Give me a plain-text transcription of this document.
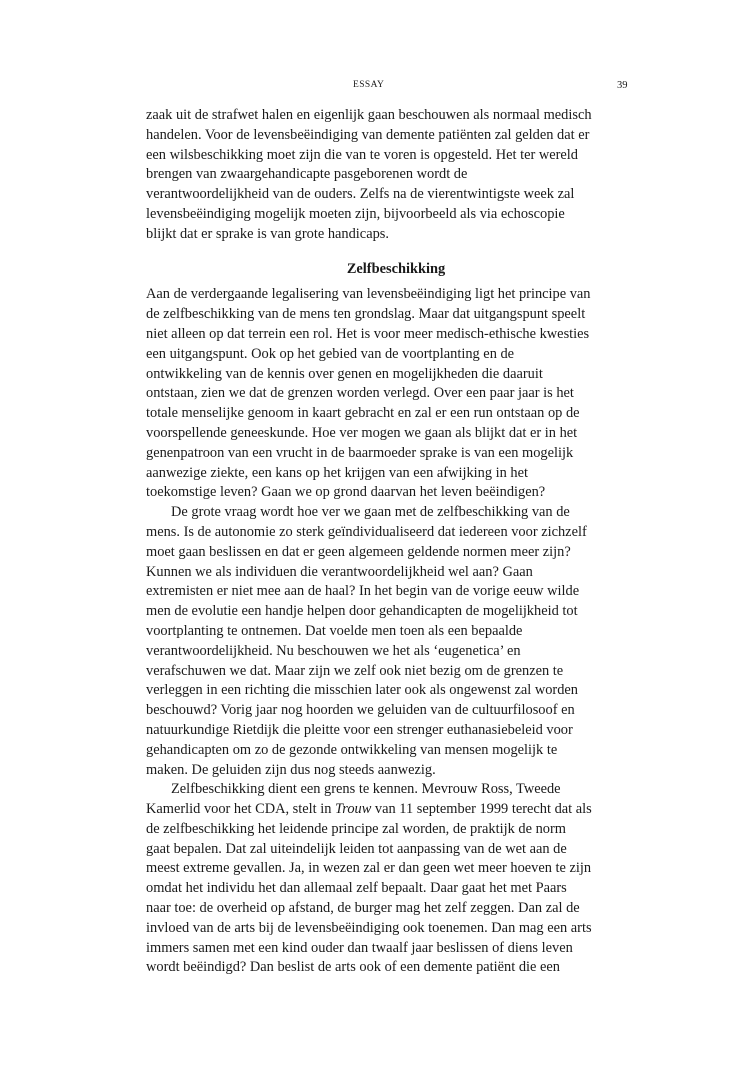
ESSAY	39

zaak uit de strafwet halen en eigenlijk gaan beschouwen als normaal medisch

handelen. Voor de levensbeëindiging van demente patiënten zal gelden dat er

een wilsbeschikking moet zijn die van te voren is opgesteld. Het ter wereld

brengen van zwaargehandicapte pasgeborenen wordt de

verantwoordelijkheid van de ouders. Zelfs na de vierentwintigste week zal

levensbeëindiging mogelijk moeten zijn, bijvoorbeeld als via echoscopie

blijkt dat er sprake is van grote handicaps.

Zelfbeschikking

Aan de verdergaande legalisering van levensbeëindiging ligt het principe van

de zelfbeschikking van de mens ten grondslag. Maar dat uitgangspunt speelt

niet alleen op dat terrein een rol. Het is voor meer medisch-ethische kwesties

een uitgangspunt. Ook op het gebied van de voortplanting en de

ontwikkeling van de kennis over genen en mogelijkheden die daaruit

ontstaan, zien we dat de grenzen worden verlegd. Over een paar jaar is het

totale menselijke genoom in kaart gebracht en zal er een run ontstaan op de

voorspellende geneeskunde. Hoe ver mogen we gaan als blijkt dat er in het

genenpatroon van een vrucht in de baarmoeder sprake is van een mogelijk

aanwezige ziekte, een kans op het krijgen van een afwijking in het

toekomstige leven? Gaan we op grond daarvan het leven beëindigen?

De grote vraag wordt hoe ver we gaan met de zelfbeschikking van de

mens. Is de autonomie zo sterk geïndividualiseerd dat iedereen voor zichzelf

moet gaan beslissen en dat er geen algemeen geldende normen meer zijn?

Kunnen we als individuen die verantwoordelijkheid wel aan? Gaan

extremisten er niet mee aan de haal? In het begin van de vorige eeuw wilde

men de evolutie een handje helpen door gehandicapten de mogelijkheid tot

voortplanting te ontnemen. Dat voelde men toen als een bepaalde

verantwoordelijkheid. Nu beschouwen we het als ‘eugenetica’ en

verafschuwen we dat. Maar zijn we zelf ook niet bezig om de grenzen te

verleggen in een richting die misschien later ook als ongewenst zal worden

beschouwd? Vorig jaar nog hoorden we geluiden van de cultuurfilosoof en

natuurkundige Rietdijk die pleitte voor een strenger euthanasiebeleid voor

gehandicapten om zo de gezonde ontwikkeling van mensen mogelijk te

maken. De geluiden zijn dus nog steeds aanwezig.

Zelfbeschikking dient een grens te kennen. Mevrouw Ross, Tweede

Kamerlid voor het CDA, stelt in Trouw van 11 september 1999 terecht dat als

de zelfbeschikking het leidende principe zal worden, de praktijk de norm

gaat bepalen. Dat zal uiteindelijk leiden tot aanpassing van de wet aan de

meest extreme gevallen. Ja, in wezen zal er dan geen wet meer hoeven te zijn

omdat het individu het dan allemaal zelf bepaalt. Daar gaat het met Paars

naar toe: de overheid op afstand, de burger mag het zelf zeggen. Dan zal de

invloed van de arts bij de levensbeëindiging ook toenemen. Dan mag een arts

immers samen met een kind ouder dan twaalf jaar beslissen of diens leven

wordt beëindigd? Dan beslist de arts ook of een demente patiënt die een
